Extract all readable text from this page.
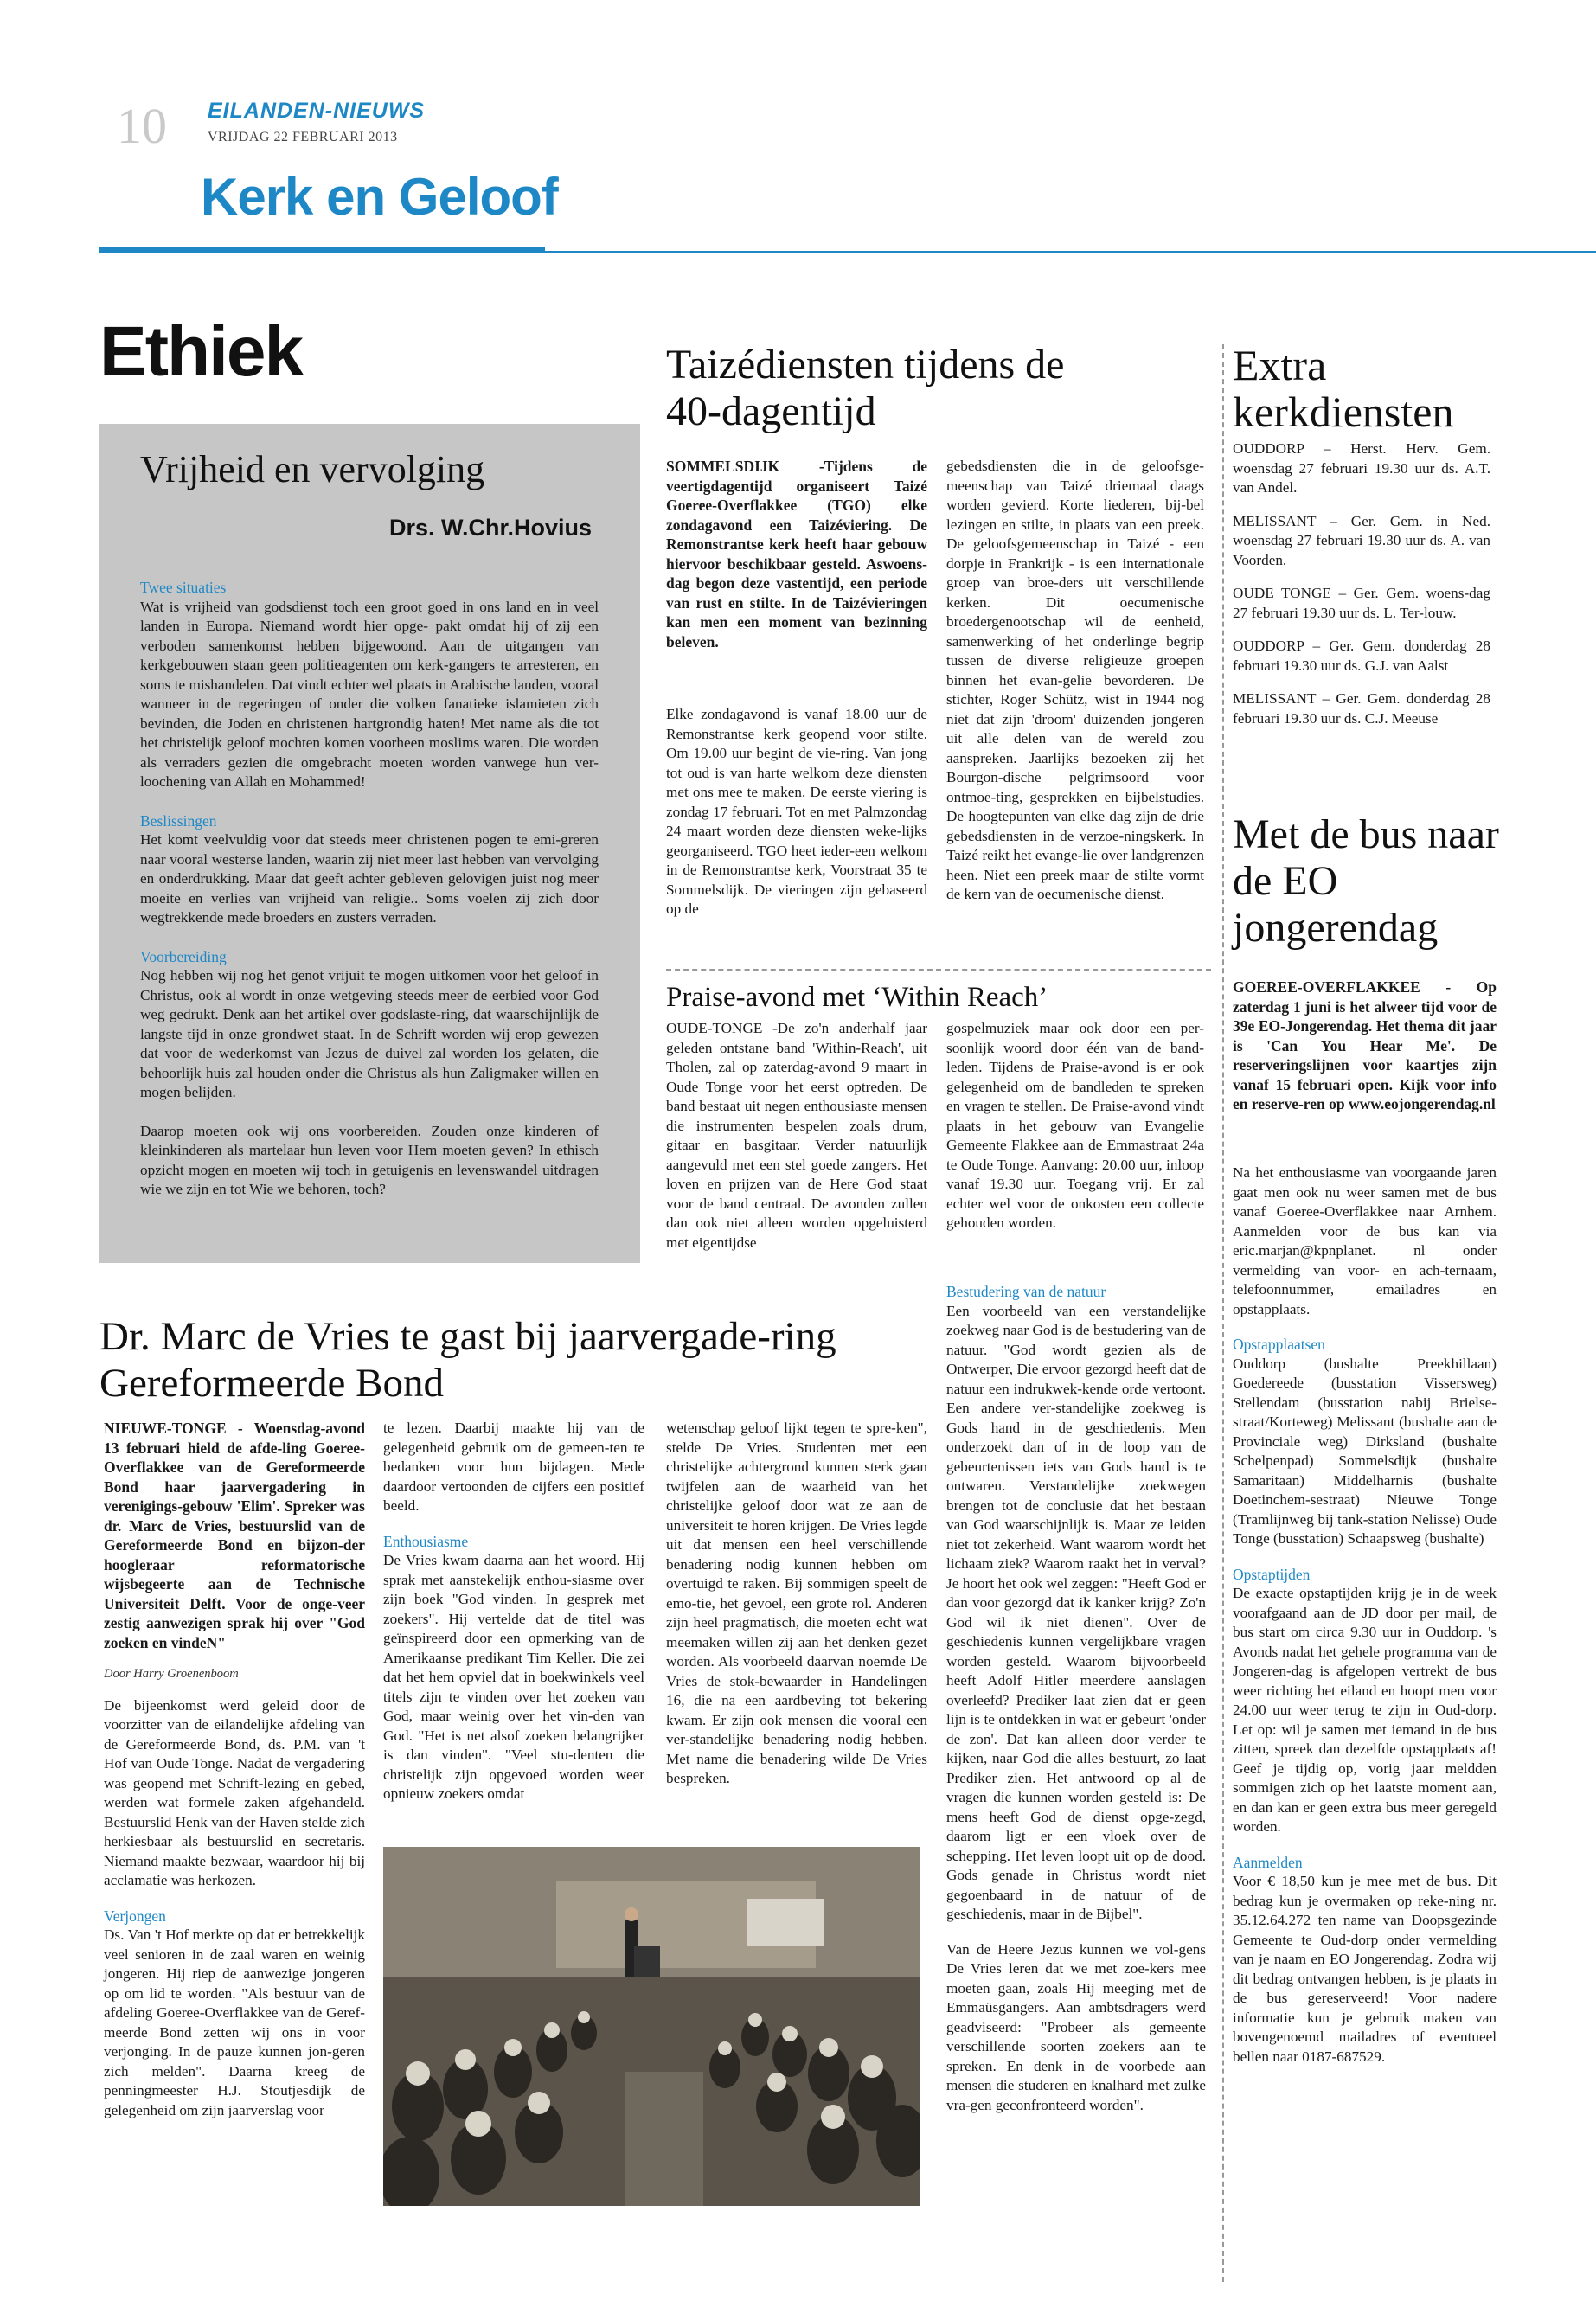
10 EILANDEN-NIEUWS
VRIJDAG 22 FEBRUARI 2013
Kerk en Geloof
Ethiek
Vrijheid en vervolging
Drs. W.Chr.Hovius

Twee situaties

Wat is vrijheid van godsdienst toch een groot goed in ons land en in veel landen in Europa. Niemand wordt hier opge- pakt omdat hij of zij een verboden samenkomst hebben bijgewoond. Aan de uitgangen van kerkgebouwen staan geen politieagenten om kerk-gangers te arresteren, en soms te mishandelen. Dat vindt echter wel plaats in Arabische landen, vooral wanneer in de regeringen of onder die volken fanatieke islamieten zich bevinden, die Joden en christenen hartgrondig haten! Met name als die tot het christelijk geloof mochten komen voorheen moslims waren. Die worden als verraders gezien die omgebracht moeten worden vanwege hun ver-loochening van Allah en Mohammed!

Beslissingen

Het komt veelvuldig voor dat steeds meer christenen pogen te emi-greren naar vooral westerse landen, waarin zij niet meer last hebben van vervolging en onderdrukking. Maar dat geeft achter gebleven gelovigen juist nog meer moeite en verlies van vrijheid van religie.. Soms voelen zij zich door wegtrekkende mede broeders en zusters verraden.

Voorbereiding

Nog hebben wij nog het genot vrijuit te mogen uitkomen voor het geloof in Christus, ook al wordt in onze wetgeving steeds meer de eerbied voor God weg gedrukt. Denk aan het artikel over godslaste-ring, dat waarschijnlijk de langste tijd in onze grondwet staat. In de Schrift worden wij erop gewezen dat voor de wederkomst van Jezus de duivel zal worden los gelaten, die behoorlijk huis zal houden onder die Christus als hun Zaligmaker willen en mogen belijden.

Daarop moeten ook wij ons voorbereiden. Zouden onze kinderen of kleinkinderen als martelaar hun leven voor Hem moeten geven? In ethisch opzicht mogen en moeten wij toch in getuigenis en levenswandel uitdragen wie we zijn en tot Wie we behoren, toch?

Taizédiensten tijdens de 40-dagentijd
SOMMELSDIJK -Tijdens de veertigdagentijd organiseert Taizé Goeree-Overflakkee (TGO) elke zondagavond een Taizéviering. De Remonstrantse kerk heeft haar gebouw hiervoor beschikbaar gesteld. Aswoens-dag begon deze vastentijd, een periode van rust en stilte. In de Taizévieringen kan men een moment van bezinning beleven.
Elke zondagavond is vanaf 18.00 uur de Remonstrantse kerk geopend voor stilte. Om 19.00 uur begint de vie-ring. Van jong tot oud is van harte welkom deze diensten met ons mee te maken. De eerste viering is zondag 17 februari. Tot en met Palmzondag 24 maart worden deze diensten weke-lijks georganiseerd. TGO heet ieder-een welkom in de Remonstrantse kerk, Voorstraat 35 te Sommelsdijk. De vieringen zijn gebaseerd op de
gebedsdiensten die in de geloofsge-meenschap van Taizé driemaal daags worden gevierd. Korte liederen, bij-bel lezingen en stilte, in plaats van een preek. De geloofsgemeenschap in Taizé - een dorpje in Frankrijk - is een internationale groep van broe-ders uit verschillende kerken. Dit oecumenische broedergenootschap wil de eenheid, samenwerking of het onderlinge begrip tussen de diverse religieuze groepen binnen het evan-gelie bevorderen. De stichter, Roger Schütz, wist in 1944 nog niet dat zijn 'droom' duizenden jongeren uit alle delen van de wereld zou aanspreken. Jaarlijks bezoeken zij het Bourgon-dische pelgrimsoord voor ontmoe-ting, gesprekken en bijbelstudies. De hoogtepunten van elke dag zijn de drie gebedsdiensten in de verzoe-ningskerk. In Taizé reikt het evange-lie over landgrenzen heen. Niet een preek maar de stilte vormt de kern van de oecumenische dienst.
Praise-avond met ‘Within Reach’
OUDE-TONGE -De zo'n anderhalf jaar geleden ontstane band 'Within-Reach', uit Tholen, zal op zaterdag-avond 9 maart in Oude Tonge voor het eerst optreden. De band bestaat uit negen enthousiaste mensen die instrumenten bespelen zoals drum, gitaar en basgitaar. Verder natuurlijk aangevuld met een stel goede zangers. Het loven en prijzen van de Here God staat voor de band centraal. De avonden zullen dan ook niet alleen worden opgeluisterd met eigentijdse
gospelmuziek maar ook door een per-soonlijk woord door één van de band-leden. Tijdens de Praise-avond is er ook gelegenheid om de bandleden te spreken en vragen te stellen. De Praise-avond vindt plaats in het gebouw van Evangelie Gemeente Flakkee aan de Emmastraat 24a te Oude Tonge. Aanvang: 20.00 uur, inloop vanaf 19.30 uur. Toegang vrij. Er zal echter wel voor de onkosten een collecte gehouden worden.
Extra kerkdiensten

OUDDORP – Herst. Herv. Gem. woensdag 27 februari 19.30 uur ds. A.T. van Andel.

MELISSANT – Ger. Gem. in Ned. woensdag 27 februari 19.30 uur ds. A. van Voorden.

OUDE TONGE – Ger. Gem. woens-dag 27 februari 19.30 uur ds. L. Ter-louw.

OUDDORP – Ger. Gem. donderdag 28 februari 19.30 uur ds. G.J. van Aalst

MELISSANT – Ger. Gem. donderdag 28 februari 19.30 uur ds. C.J. Meeuse

Met de bus naar de EO jongerendag
GOEREE-OVERFLAKKEE - Op zaterdag 1 juni is het alweer tijd voor de 39e EO-Jongerendag. Het thema dit jaar is 'Can You Hear Me'. De reserveringslijnen voor kaartjes zijn vanaf 15 februari open. Kijk voor info en reserve-ren op www.eojongerendag.nl

Na het enthousiasme van voorgaande jaren gaat men ook nu weer samen met de bus vanaf Goeree-Overflakkee naar Arnhem. Aanmelden voor de bus kan via eric.marjan@kpnplanet. nl onder vermelding van voor- en ach-ternaam, telefoonnummer, emailadres en opstapplaats.

Opstapplaatsen

Ouddorp (bushalte Preekhillaan) Goedereede (busstation Vissersweg) Stellendam (busstation nabij Brielse-straat/Korteweg) Melissant (bushalte aan de Provinciale weg) Dirksland (bushalte Schelpenpad) Sommelsdijk (bushalte Samaritaan) Middelharnis (bushalte Doetinchem-sestraat) Nieuwe Tonge (Tramlijnweg bij tank-station Nelisse) Oude Tonge (busstation) Schaapsweg (bushalte)

Opstaptijden

De exacte opstaptijden krijg je in de week voorafgaand aan de JD door per mail, de bus start om circa 9.30 uur in Ouddorp. 's Avonds nadat het gehele programma van de Jongeren-dag is afgelopen vertrekt de bus weer richting het eiland en hoopt men voor 24.00 uur weer terug te zijn in Oud-dorp. Let op: wil je samen met iemand in de bus zitten, spreek dan dezelfde opstapplaats af! Geef je tijdig op, vorig jaar meldden sommigen zich op het laatste moment aan, en dan kan er geen extra bus meer geregeld worden.

Aanmelden

Voor € 18,50 kun je mee met de bus. Dit bedrag kun je overmaken op reke-ning nr. 35.12.64.272 ten name van Doopsgezinde Gemeente te Oud-dorp onder vermelding van je naam en EO Jongerendag. Zodra wij dit bedrag ontvangen hebben, is je plaats in de bus gereserveerd! Voor nadere informatie kun je gebruik maken van bovengenoemd mailadres of eventueel bellen naar 0187-687529.

Dr. Marc de Vries te gast bij jaarvergade-ring Gereformeerde Bond

NIEUWE-TONGE - Woensdag-avond 13 februari hield de afde-ling Goeree-Overflakkee van de Gereformeerde Bond haar jaarvergadering in verenigings-gebouw 'Elim'. Spreker was dr. Marc de Vries, bestuurslid van de Gereformeerde Bond en bijzon-der hoogleraar reformatorische wijsbegeerte aan de Technische Universiteit Delft. Voor de onge-veer zestig aanwezigen sprak hij over "God zoeken en vindeN"

Door Harry Groenenboom

De bijeenkomst werd geleid door de voorzitter van de eilandelijke afdeling van de Gereformeerde Bond, ds. P.M. van 't Hof van Oude Tonge. Nadat de vergadering was geopend met Schrift-lezing en gebed, werden wat formele zaken afgehandeld. Bestuurslid Henk van der Haven stelde zich herkiesbaar als bestuurslid en secretaris. Niemand maakte bezwaar, waardoor hij bij acclamatie was herkozen.

Verjongen

Ds. Van 't Hof merkte op dat er betrekkelijk veel senioren in de zaal waren en weinig jongeren. Hij riep de aanwezige jongeren op om lid te worden. "Als bestuur van de afdeling Goeree-Overflakkee van de Geref-meerde Bond zetten wij ons in voor verjonging. In de pauze kunnen jon-geren zich melden". Daarna kreeg de penningmeester H.J. Stoutjesdijk de gelegenheid om zijn jaarverslag voor

te lezen. Daarbij maakte hij van de gelegenheid gebruik om de gemeen-ten te bedanken voor hun bijdagen. Mede daardoor vertoonden de cijfers een positief beeld.

Enthousiasme

De Vries kwam daarna aan het woord. Hij sprak met aanstekelijk enthou-siasme over zijn boek "God vinden. In gesprek met zoekers". Hij vertelde dat de titel was geïnspireerd door een opmerking van de Amerikaanse predikant Tim Keller. Die zei dat het hem opviel dat in boekwinkels veel titels zijn te vinden over het zoeken van God, maar weinig over het vin-den van God. "Het is net alsof zoeken belangrijker is dan vinden". "Veel stu-denten die christelijk zijn opgevoed worden weer opnieuw zoekers omdat

wetenschap geloof lijkt tegen te spre-ken", stelde De Vries. Studenten met een christelijke achtergrond kunnen sterk gaan twijfelen aan de waarheid van het christelijke geloof door wat ze aan de universiteit te horen krijgen. De Vries legde uit dat mensen een heel verschillende benadering nodig kunnen hebben om overtuigd te raken. Bij sommigen speelt de emo-tie, het gevoel, een grote rol. Anderen zijn heel pragmatisch, die moeten echt wat meemaken willen zij aan het denken gezet worden. Als voorbeeld daarvan noemde De Vries de stok-bewaarder in Handelingen 16, die na een aardbeving tot bekering kwam. Er zijn ook mensen die vooral een ver-standelijke benadering nodig hebben. Met name die benadering wilde De Vries bespreken.

Bestudering van de natuur

Een voorbeeld van een verstandelijke zoekweg naar God is de bestudering van de natuur. "God wordt gezien als de Ontwerper, Die ervoor gezorgd heeft dat de natuur een indrukwek-kende orde vertoont. Een andere ver-standelijke zoekweg is Gods hand in de geschiedenis. Men onderzoekt dan of in de loop van de gebeurtenissen iets van Gods hand is te ontwaren. Verstandelijke zoekwegen brengen tot de conclusie dat het bestaan van God waarschijnlijk is. Maar ze leiden niet tot zekerheid. Want waarom wordt het lichaam ziek? Waarom raakt het in verval? Je hoort het ook wel zeggen: "Heeft God er dan voor gezorgd dat ik kanker krijg? Zo'n God wil ik niet dienen". Over de geschiedenis kunnen vergelijkbare vragen worden gesteld. Waarom bijvoorbeeld heeft Adolf Hitler meerdere aanslagen overleefd? Prediker laat zien dat er geen lijn is te ontdekken in wat er gebeurt 'onder de zon'. Dat kan alleen door verder te kijken, naar God die alles bestuurt, zo laat Prediker zien. Het antwoord op al de vragen die kunnen worden gesteld is: De mens heeft God de dienst opge-zegd, daarom ligt er een vloek over de schepping. Het leven loopt uit op de dood. Gods genade in Christus wordt niet gegoenbaard in de natuur of de geschiedenis, maar in de Bijbel".

Van de Heere Jezus kunnen we vol-gens De Vries leren dat we met zoe-kers mee moeten gaan, zoals Hij meeging met de Emmaüsgangers. Aan ambtsdragers werd geadviseerd: "Probeer als gemeente verschillende soorten zoekers aan te spreken. En denk in de voorbede aan mensen die studeren en knalhard met zulke vra-gen geconfronteerd worden".
